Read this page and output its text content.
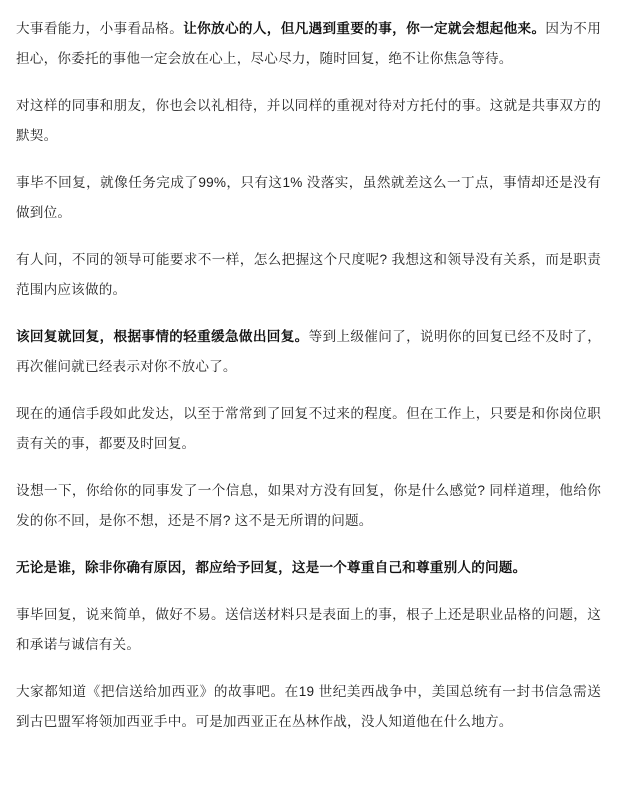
大事看能力，小事看品格。让你放心的人，但凡遇到重要的事，你一定就会想起他来。因为不用担心，你委托的事他一定会放在心上，尽心尽力，随时回复，绝不让你焦急等待。

对这样的同事和朋友，你也会以礼相待，并以同样的重视对待对方托付的事。这就是共事双方的默契。

事毕不回复，就像任务完成了99%，只有这1% 没落实，虽然就差这么一丁点，事情却还是没有做到位。

有人问，不同的领导可能要求不一样，怎么把握这个尺度呢? 我想这和领导没有关系，而是职责范围内应该做的。

该回复就回复，根据事情的轻重缓急做出回复。等到上级催问了，说明你的回复已经不及时了，再次催问就已经表示对你不放心了。

现在的通信手段如此发达，以至于常常到了回复不过来的程度。但在工作上，只要是和你岗位职责有关的事，都要及时回复。

设想一下，你给你的同事发了一个信息，如果对方没有回复，你是什么感觉? 同样道理，他给你发的你不回，是你不想，还是不屑? 这不是无所谓的问题。

无论是谁，除非你确有原因，都应给予回复，这是一个尊重自己和尊重别人的问题。

事毕回复，说来简单，做好不易。送信送材料只是表面上的事，根子上还是职业品格的问题，这和承诺与诚信有关。

大家都知道《把信送给加西亚》的故事吧。在19 世纪美西战争中，美国总统有一封书信急需送到古巴盟军将领加西亚手中。可是加西亚正在丛林作战，没人知道他在什么地方。
